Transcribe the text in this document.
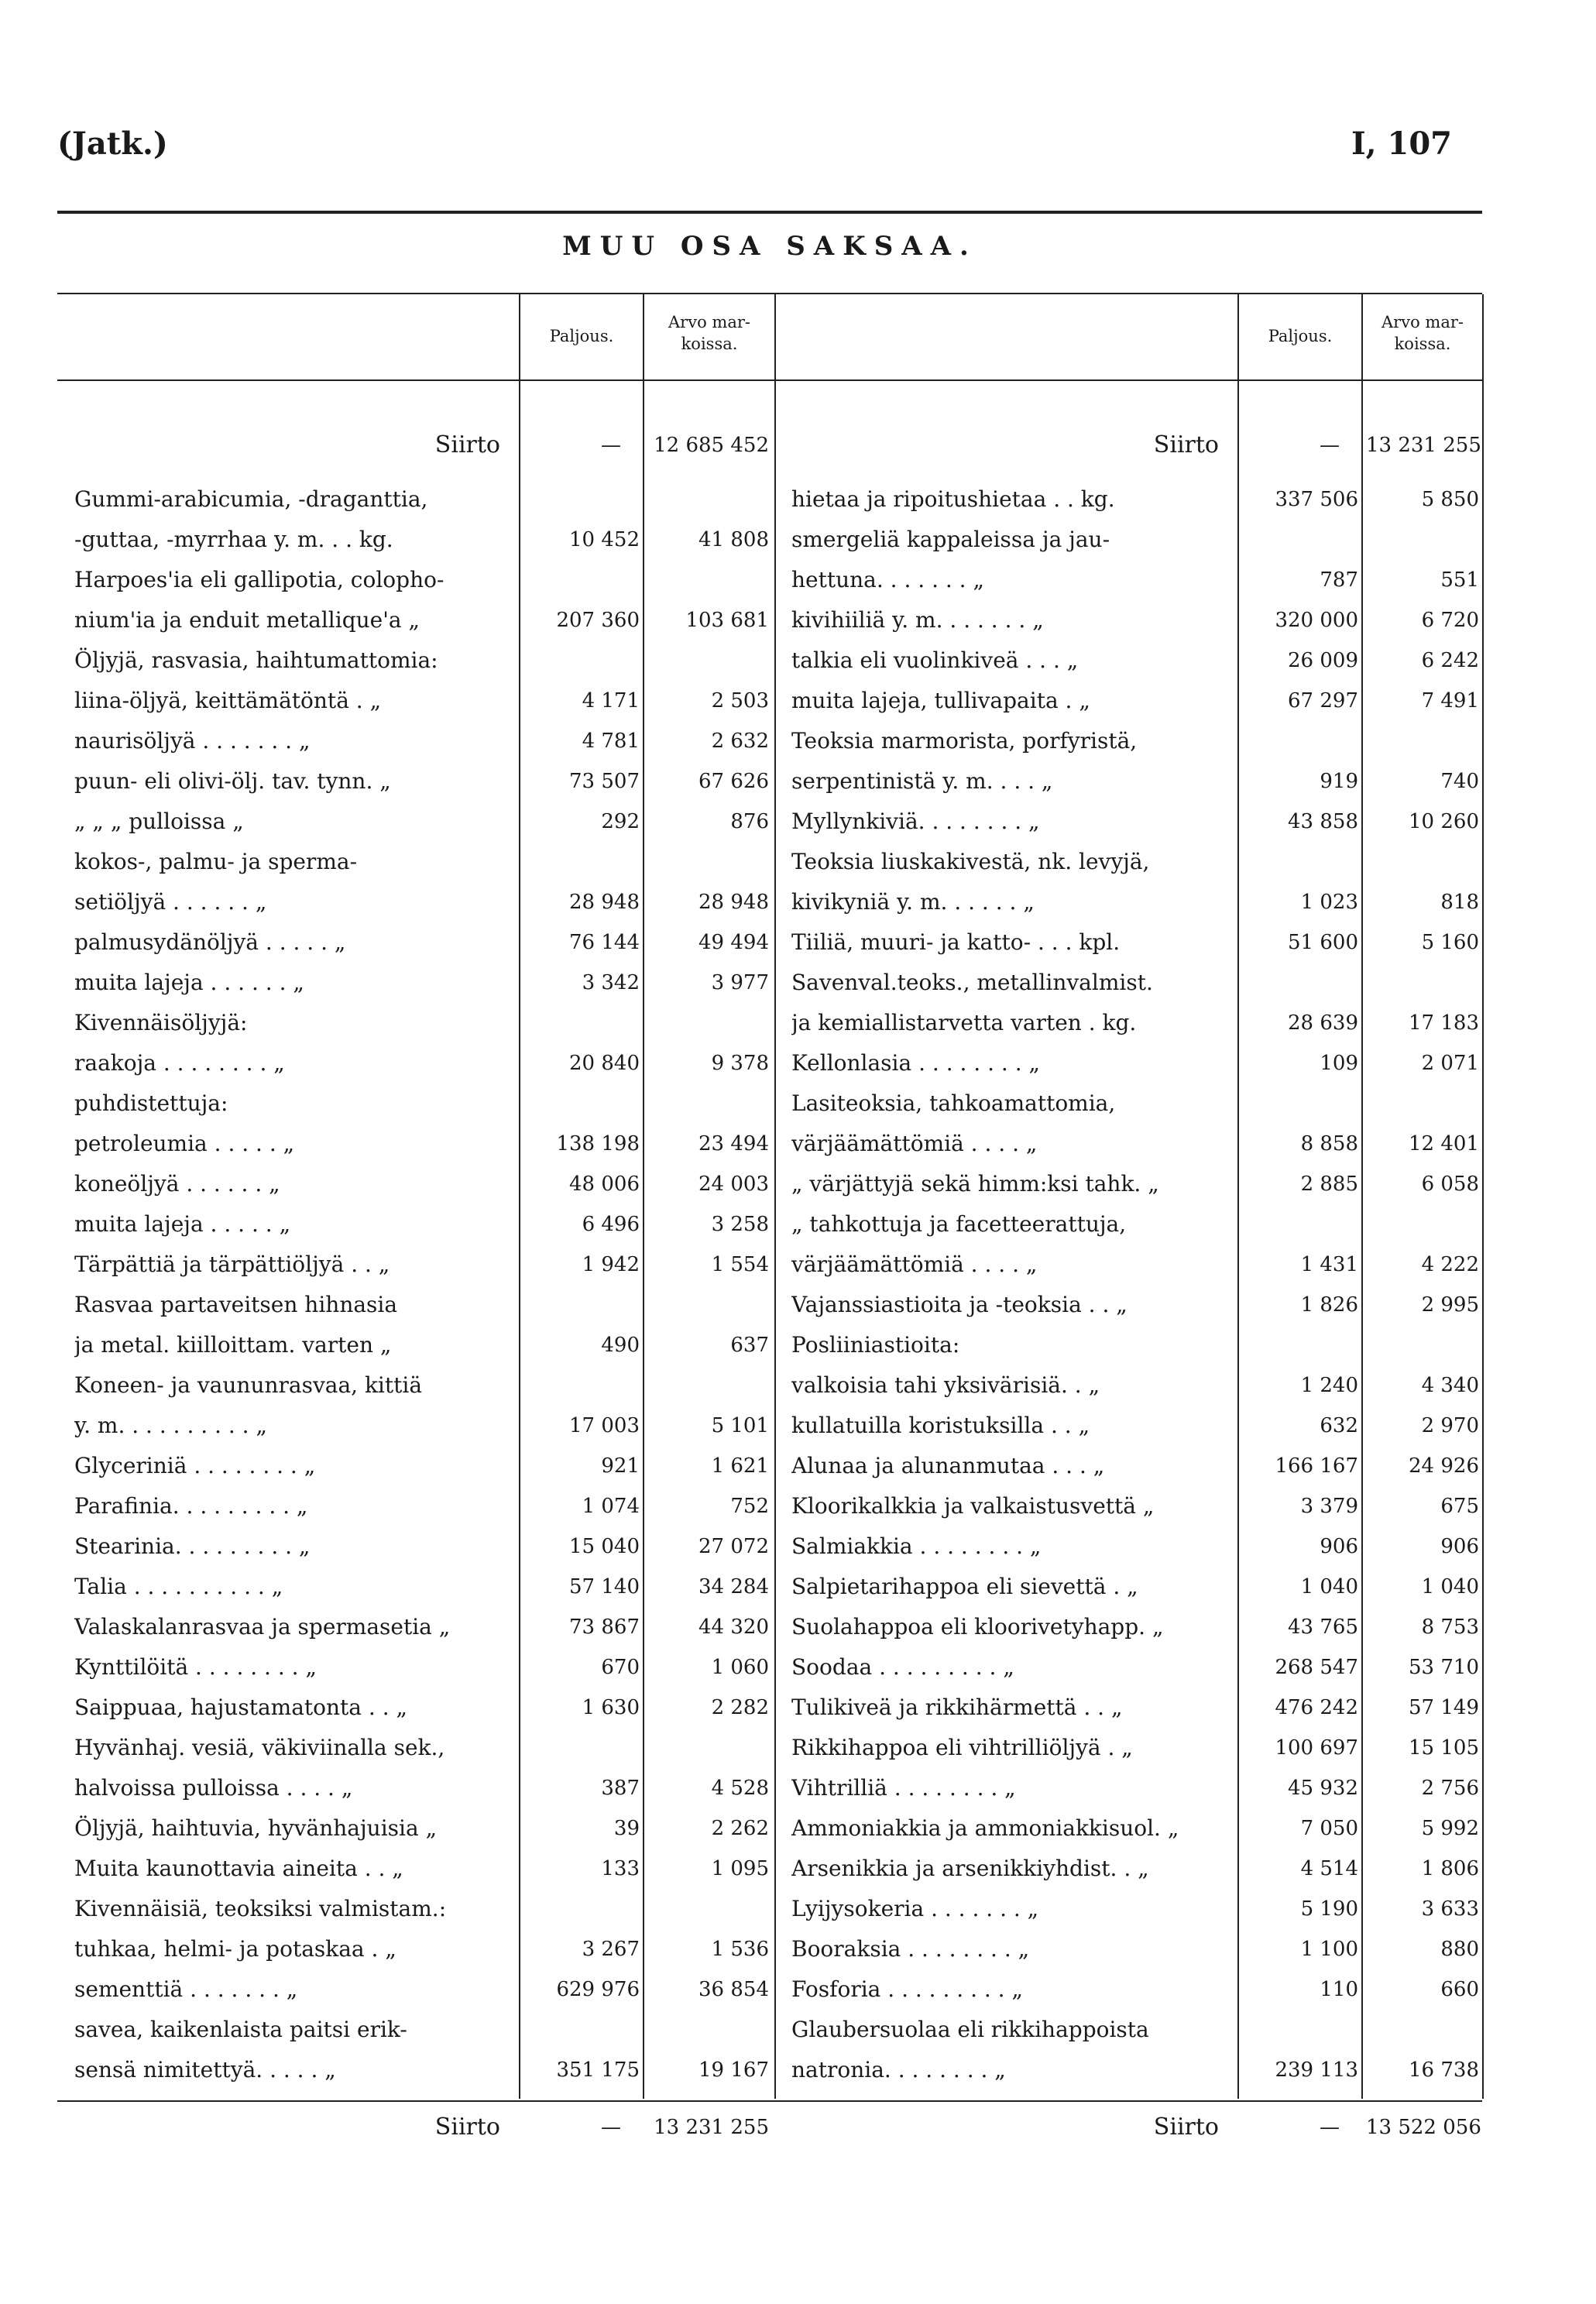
(Jatk.)	I, 107
MUU OSA SAKSAA.
Paljous.
Arvo mar-
koissa.	Paljous.
Arvo mar-
koissa.
Siirto	—	12 685 452	Siirto	— 13 231 255
Gummi-arabicumia, -draganttia,
-guttaa, -myrrhaa y. m. . . kg.	10 452	41 808
Harpoes'ia eli gallipotia, colopho-
nium'ia ja enduit metallique'a „	207 360	103 681
Öljyjä, rasvasia, haihtumattomia:
liina-öljyä, keittämätöntä . „	4 171	2 503
naurisöljyä . . . . . . . „	4 781	2 632
puun- eli olivi-ölj. tav. tynn. „	73 507	67 626
„ „ „ pulloissa „	292	876
kokos-, palmu- ja sperma-
setiöljyä . . . . . . „	28 948	28 948
palmusydänöljyä . . . . . „	76 144	49 494
muita lajeja . . . . . . „	3 342	3 977
Kivennäisöljyjä:
raakoja . . . . . . . . „	20 840	9 378
puhdistettuja:
petroleumia . . . . . „	138 198	23 494
koneöljyä . . . . . . „	48 006	24 003
muita lajeja . . . . . „	6 496	3 258
Tärpättiä ja tärpättiöljyä . . „	1 942	1 554
Rasvaa partaveitsen hihnasia
ja metal. kiilloittam. varten „	490	637
Koneen- ja vaununrasvaa, kittiä
y. m. . . . . . . . . . „	17 003	5 101
Glyceriniä . . . . . . . . „	921	1 621
Parafinia. . . . . . . . . „	1 074	752
Stearinia. . . . . . . . . „	15 040	27 072
Talia . . . . . . . . . . „	57 140	34 284
Valaskalanrasvaa ja spermasetia „	73 867	44 320
Kynttilöitä . . . . . . . . „	670	1 060
Saippuaa, hajustamatonta . . „	1 630	2 282
Hyvänhaj. vesiä, väkiviinalla sek.,
halvoissa pulloissa . . . . „	387	4 528
Öljyjä, haihtuvia, hyvänhajuisia „	39	2 262
Muita kaunottavia aineita . . „	133	1 095
Kivennäisiä, teoksiksi valmistam.:
tuhkaa, helmi- ja potaskaa . „	3 267	1 536
sementtiä . . . . . . . „	629 976	36 854
savea, kaikenlaista paitsi erik-
sensä nimitettyä. . . . . „	351 175	19 167
hietaa ja ripoitushietaa . . kg.	337 506	5 850
smergeliä kappaleissa ja jau-
hettuna. . . . . . . „	787	551
kivihiiliä y. m. . . . . . . „	320 000	6 720
talkia eli vuolinkiveä . . . „	26 009	6 242
muita lajeja, tullivapaita . „	67 297	7 491
Teoksia marmorista, porfyristä,
serpentinistä y. m. . . . „	919	740
Myllynkiviä. . . . . . . . „	43 858	10 260
Teoksia liuskakivestä, nk. levyjä,
kivikyniä y. m. . . . . . „	1 023	818
Tiiliä, muuri- ja katto- . . . kpl.	51 600	5 160
Savenval.teoks., metallinvalmist.
ja kemiallistarvetta varten . kg.	28 639	17 183
Kellonlasia . . . . . . . . „	109	2 071
Lasiteoksia, tahkoamattomia,
värjäämättömiä . . . . „	8 858	12 401
„ värjättyjä sekä himm:ksi tahk. „	2 885	6 058
„ tahkottuja ja facetteerattuja,
värjäämättömiä . . . . „	1 431	4 222
Vajanssiastioita ja -teoksia . . „	1 826	2 995
Posliiniastioita:
valkoisia tahi yksivärisiä. . „	1 240	4 340
kullatuilla koristuksilla . . „	632	2 970
Alunaa ja alunanmutaa . . . „	166 167	24 926
Kloorikalkkia ja valkaistusvettä „	3 379	675
Salmiakkia . . . . . . . . „	906	906
Salpietarihappoa eli sievettä . „	1 040	1 040
Suolahappoa eli kloorivetyhapp. „	43 765	8 753
Soodaa . . . . . . . . . „	268 547	53 710
Tulikiveä ja rikkihärmettä . . „	476 242	57 149
Rikkihappoa eli vihtrilliöljyä . „	100 697	15 105
Vihtrilliä . . . . . . . . „	45 932	2 756
Ammoniakkia ja ammoniakkisuol. „	7 050	5 992
Arsenikkia ja arsenikkiyhdist. . „	4 514	1 806
Lyijysokeria . . . . . . . „	5 190	3 633
Booraksia . . . . . . . . „	1 100	880
Fosforia . . . . . . . . . „	110	660
Glaubersuolaa eli rikkihappoista
natronia. . . . . . . . „	239 113	16 738
Siirto	—	13 231 255	Siirto	— 13 522 056
